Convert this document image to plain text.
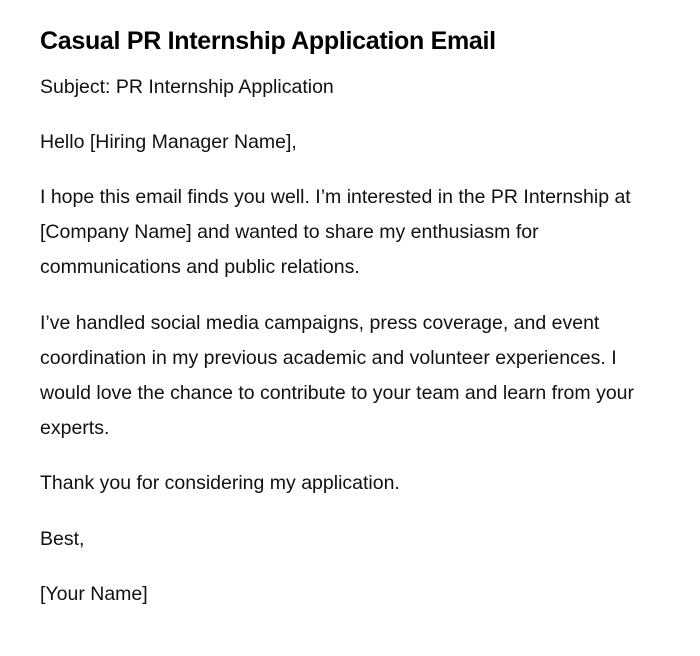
Casual PR Internship Application Email

Subject: PR Internship Application

Hello [Hiring Manager Name],

I hope this email finds you well. I’m interested in the PR Internship at [Company Name] and wanted to share my enthusiasm for communications and public relations.

I’ve handled social media campaigns, press coverage, and event coordination in my previous academic and volunteer experiences. I would love the chance to contribute to your team and learn from your experts.

Thank you for considering my application.

Best,

[Your Name]
